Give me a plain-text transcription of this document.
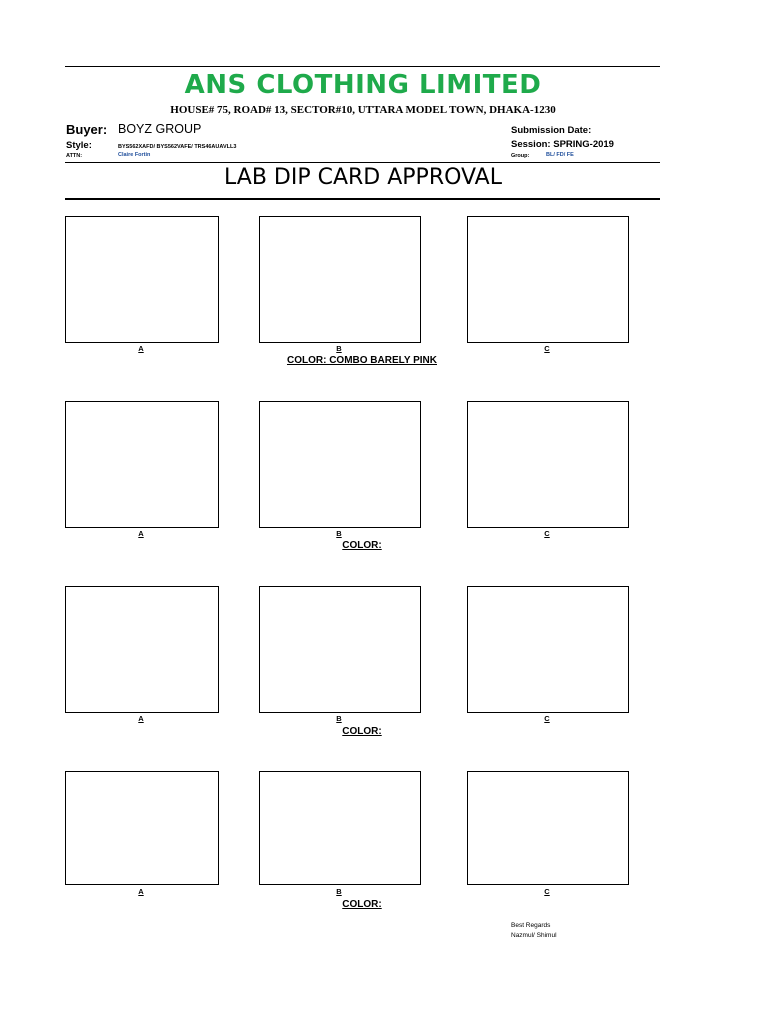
ANS CLOTHING LIMITED
HOUSE# 75, ROAD# 13, SECTOR#10, UTTARA MODEL TOWN, DHAKA-1230
Buyer: BOYZ GROUP
Style:	BYS562XAFD/ BYS562VAFE/ TRS46AUAVLL3
ATTN:	Claire Fortin
Submission Date:
Session: SPRING-2019
Group:	BL/ FD/ FE
LAB DIP CARD APPROVAL
A	B	C
COLOR: COMBO BARELY PINK
A	B	C
COLOR:
A	B	C
COLOR:
A	B	C
COLOR:
Best Regards
Nazmul/ Shimul
